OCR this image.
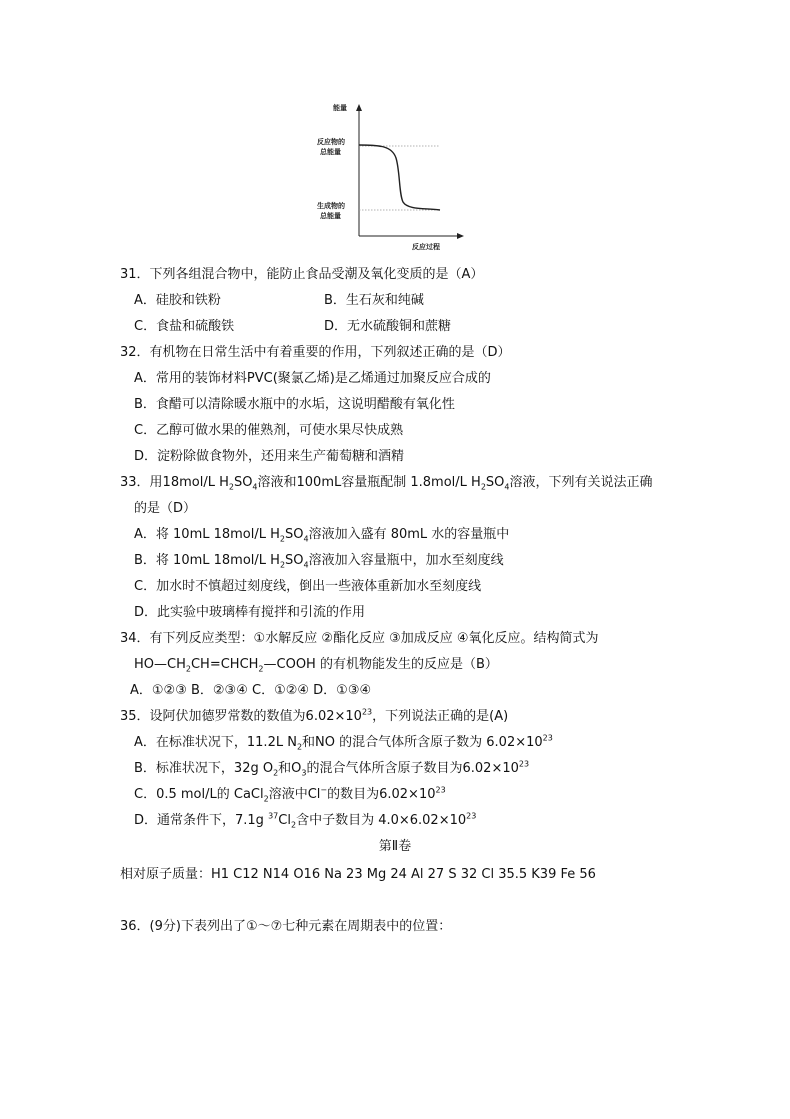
能量
反应物的
总能量
生成物的
总能量
反应过程
31．下列各组混合物中，能防止食品受潮及氧化变质的是（A）
A．硅胶和铁粉	B．生石灰和纯碱
C．食盐和硫酸铁	D．无水硫酸铜和蔗糖
32．有机物在日常生活中有着重要的作用，下列叙述正确的是（D）
A．常用的装饰材料PVC(聚氯乙烯)是乙烯通过加聚反应合成的
B．食醋可以清除暖水瓶中的水垢，这说明醋酸有氧化性
C．乙醇可做水果的催熟剂，可使水果尽快成熟
D．淀粉除做食物外，还用来生产葡萄糖和酒精
33．用18mol/L $H_2SO_4$溶液和100mL容量瓶配制 1.8mol/L $H_2SO_4$溶液，下列有关说法正确
的是（D）
A．将 10mL 18mol/L $H_2SO_4$溶液加入盛有 80mL 水的容量瓶中
B．将 10mL 18mol/L $H_2SO_4$溶液加入容量瓶中，加水至刻度线
C．加水时不慎超过刻度线，倒出一些液体重新加水至刻度线
D．此实验中玻璃棒有搅拌和引流的作用
34．有下列反应类型：①水解反应 ②酯化反应 ③加成反应 ④氧化反应。结构简式为
$HO—CH_2CH=CHCH_2—COOH$ 的有机物能发生的反应是（B）
A．①②③ B．②③④ C．①②④ D．①③④
35．设阿伏加德罗常数的数值为$6.02\times 10^{23}$，下列说法正确的是(A)
A．在标准状况下，11.2L $N_2$和NO 的混合气体所含原子数为 $6.02\times 10^{23}$
B．标准状况下，32g $O_2$和$O_3$的混合气体所含原子数目为$6.02\times 10^{23}$
C．0.5 mol/L的 CaCl$_2$溶液中Cl−的数目为$6.02\times 10^{23}$
D．通常条件下，7.1g $^{37}Cl_2$含中子数目为 $4.0\times 6.02\times 10^{23}$
第Ⅱ卷
相对原子质量：H1 C12 N14 O16 Na 23 Mg 24 Al 27 S 32 Cl 35.5 K39 Fe 56
36．(9分)下表列出了①～⑦七种元素在周期表中的位置：
